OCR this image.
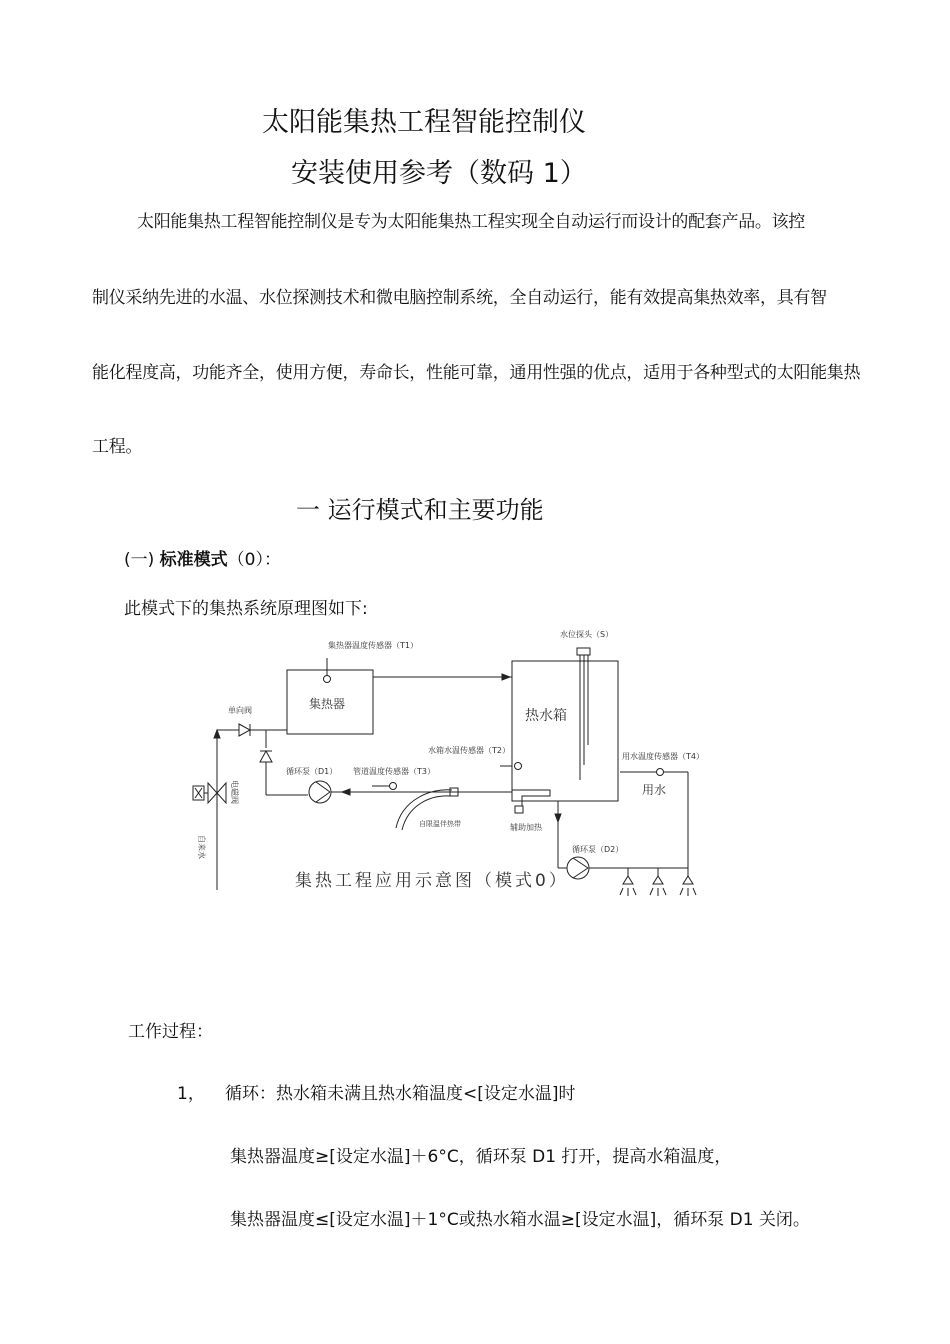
太阳能集热工程智能控制仪
安装使用参考（数码 1）
太阳能集热工程智能控制仪是专为太阳能集热工程实现全自动运行而设计的配套产品。该控
制仪采纳先进的水温、水位探测技术和微电脑控制系统，全自动运行，能有效提高集热效率，具有智
能化程度高，功能齐全，使用方便，寿命长，性能可靠，通用性强的优点，适用于各种型式的太阳能集热
工程。
一 运行模式和主要功能
(一) 标准模式（0）：
此模式下的集热系统原理图如下:
集热器温度传感器（T1）
水位探头（S）
单向阀
水箱水温传感器（T2）
用水温度传感器（T4）
循环泵（D1） 管道温度传感器（T3）
自限温伴热带	辅助加热
循环泵（D2）
集热器
热水箱
用水
电磁阀
自来水
集热工程应用示意图（模式0）
工作过程：
1， 循环：热水箱未满且热水箱温度<[设定水温]时
集热器温度≥[设定水温]＋6°C，循环泵 D1 打开，提高水箱温度，
集热器温度≤[设定水温]＋1°C或热水箱水温≥[设定水温]，循环泵 D1 关闭。
